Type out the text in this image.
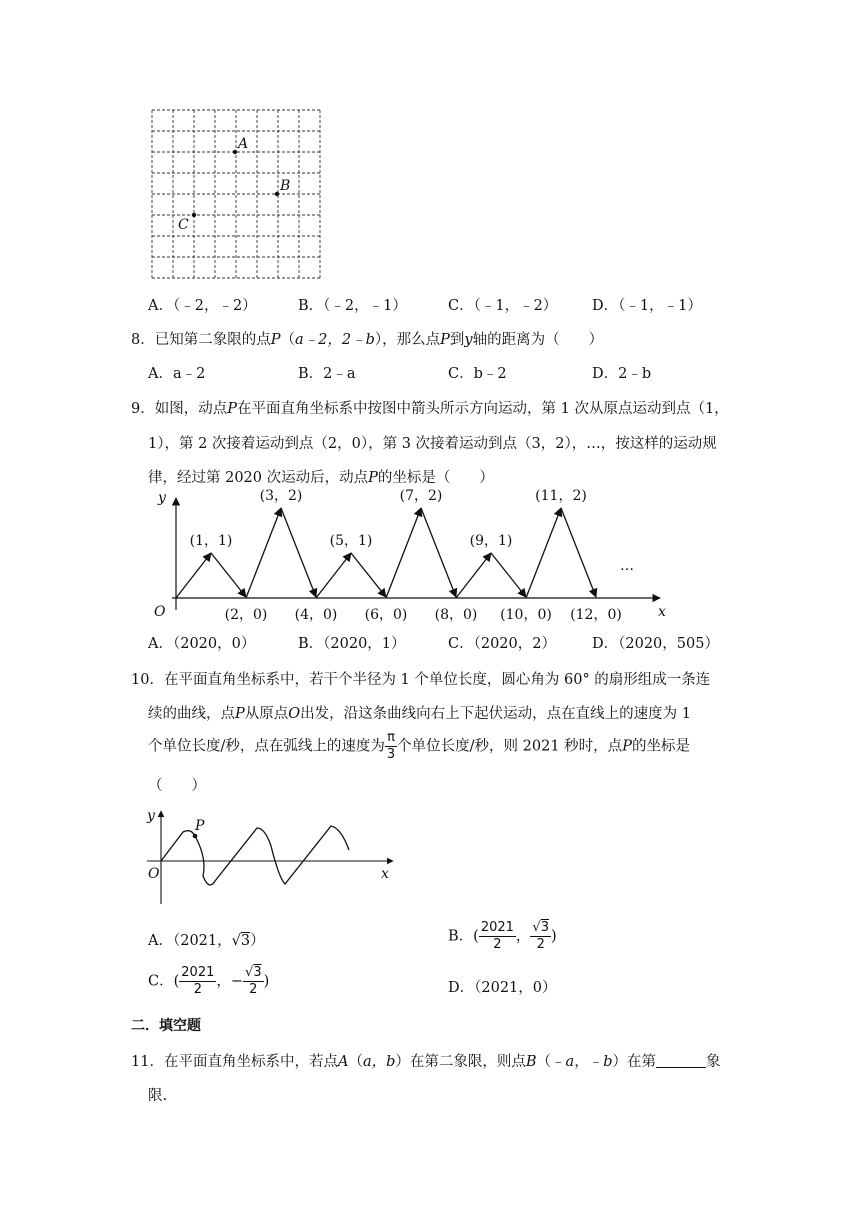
A
B
C
A．（﹣2，﹣2）	B．（﹣2，﹣1）	C．（﹣1，﹣2） D．（﹣1，﹣1）
8．已知第二象限的点P（a﹣2，2﹣b），那么点P到y轴的距离为（　　）
A．a﹣2	B．2﹣a	C．b﹣2	D．2﹣b
9．如图，动点P在平面直角坐标系中按图中箭头所示方向运动，第 1 次从原点运动到点（1，
1），第 2 次接着运动到点（2，0），第 3 次接着运动到点（3，2），…，按这样的运动规
律，经过第 2020 次运动后，动点P的坐标是（　　）
y
x
O
(1，1)
(2，0)
(3，2)
(4，0)
(5，1)
(6，0)
(7，2)
(8，0)
(9，1)
(10，0)
(11，2)
(12，0)
…
A．（2020，0）	B．（2020，1）	C．（2020，2） D．（2020，505）
10．在平面直角坐标系中，若干个半径为 1 个单位长度，圆心角为 60° 的扇形组成一条连
续的曲线，点P从原点O出发，沿这条曲线向右上下起伏运动，点在直线上的速度为 1
个单位长度/秒，点在弧线上的速度为 $\frac{\pi}{3}$ 个单位长度/秒，则 2021 秒时，点P的坐标是
（　　）
y
x
O
P
A．（2021，√3）	B．( $\frac{2021}{2}$ ， $\frac{√3}{2}$ )
C．( $\frac{2021}{2}$ ，− $\frac{√3}{2}$ )	D．（2021，0）
二．填空题
11．在平面直角坐标系中，若点A（a，b）在第二象限，则点B（﹣a，﹣b）在第	象
限.
